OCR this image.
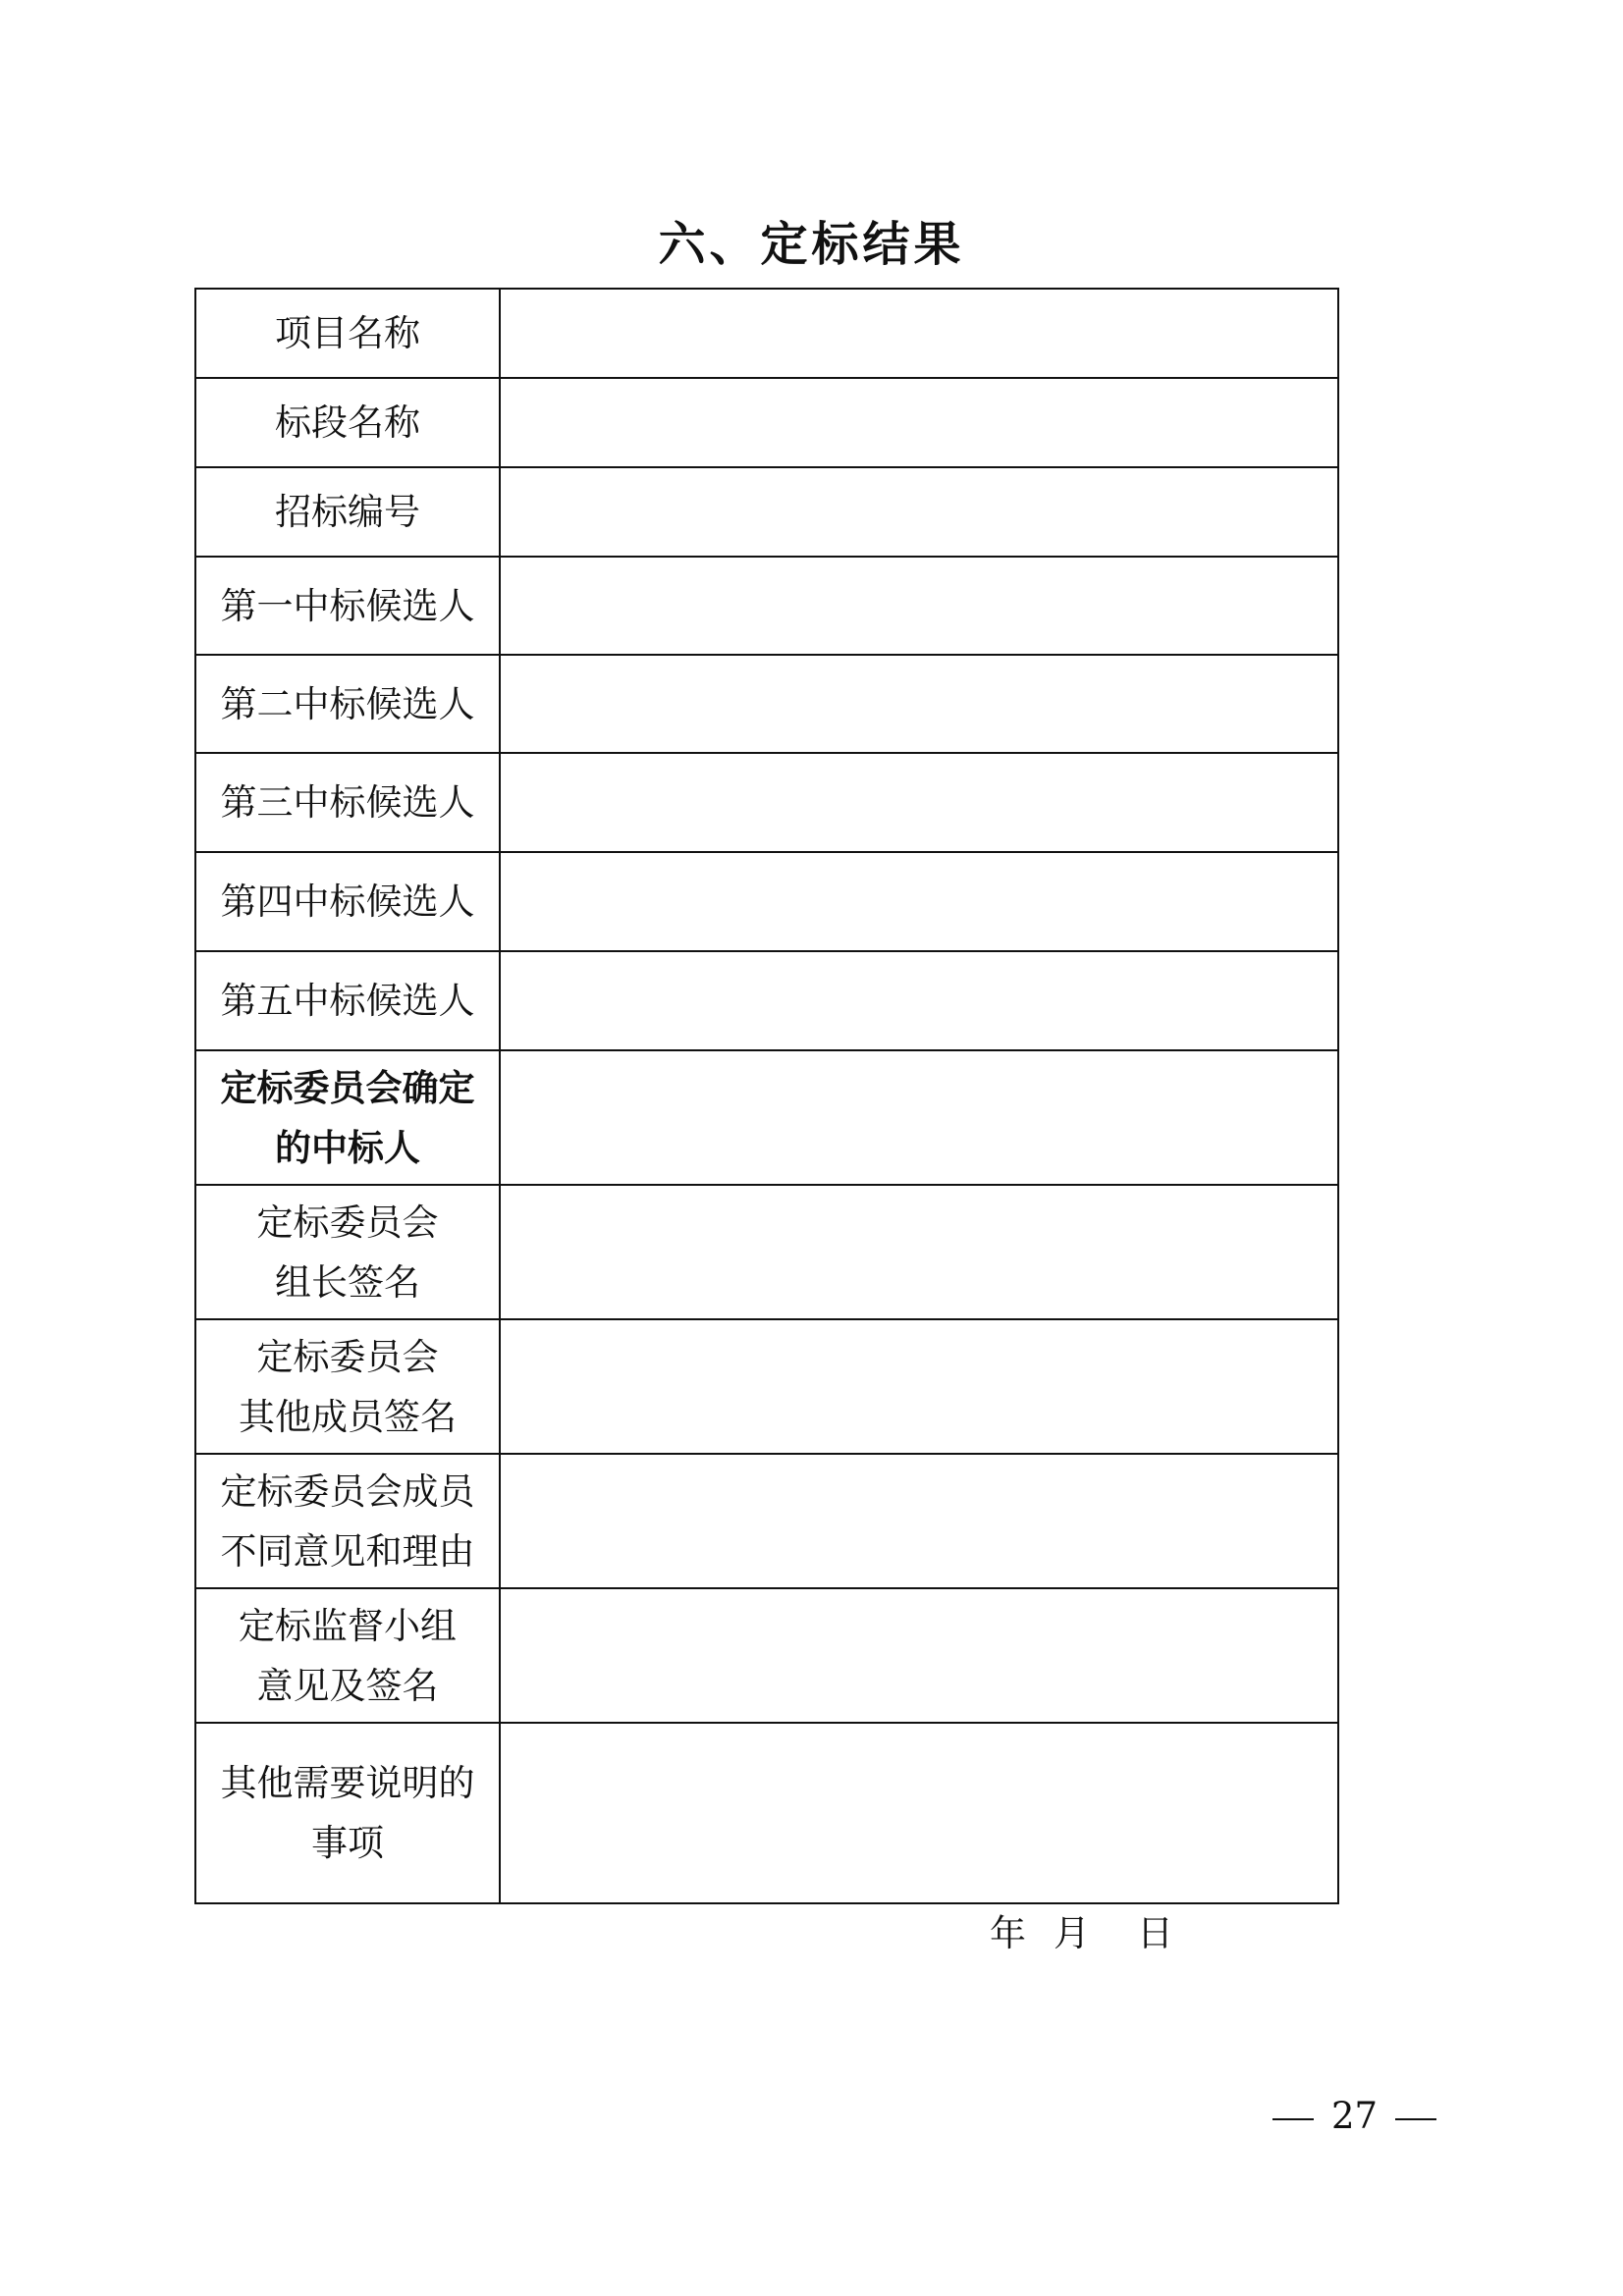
六、定标结果
项目名称	

标段名称	

招标编号	

第一中标候选人	

第二中标候选人	

第三中标候选人	

第四中标候选人	

第五中标候选人	

定标委员会确定
的中标人	

定标委员会
组长签名	

定标委员会
其他成员签名	

定标委员会成员
不同意见和理由	

定标监督小组
意见及签名	

其他需要说明的
事项	

年 月 日
27
